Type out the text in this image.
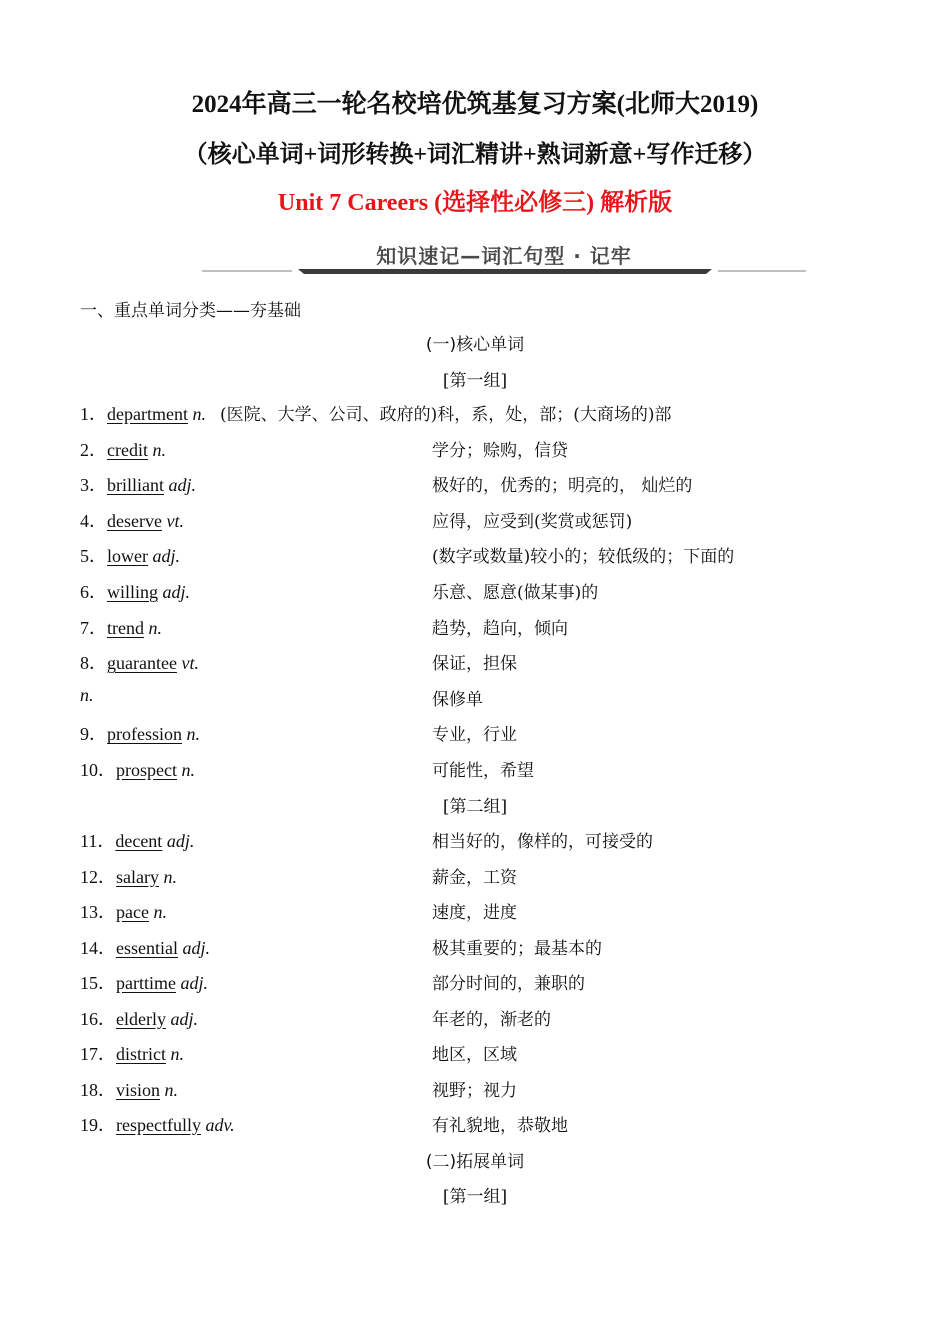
2024年高三一轮名校培优筑基复习方案(北师大2019)
（核心单词+词形转换+词汇精讲+熟词新意+写作迁移）
Unit 7 Careers (选择性必修三) 解析版
知识速记—词汇句型 · 记牢
一、重点单词分类——夯基础
(一)核心单词
[第一组]
1．department n. (医院、大学、公司、政府的)科，系，处，部；(大商场的)部
2．credit n.	学分；赊购，信贷
3．brilliant adj.	极好的，优秀的；明亮的， 灿烂的
4．deserve vt.	应得，应受到(奖赏或惩罚)
5．lower adj.	(数字或数量)较小的；较低级的；下面的
6．willing adj.	乐意、愿意(做某事)的
7．trend n.	趋势，趋向，倾向
8．guarantee vt.	保证，担保
n.	保修单
9．profession n.	专业，行业
10．prospect n.	可能性，希望
[第二组]
11．decent adj.	相当好的，像样的，可接受的
12．salary n.	薪金，工资
13．pace n.	速度，进度
14．essential adj.	极其重要的；最基本的
15．parttime adj.	部分时间的，兼职的
16．elderly adj.	年老的，渐老的
17．district n.	地区，区域
18．vision n.	视野；视力
19．respectfully adv.	有礼貌地，恭敬地
(二)拓展单词
[第一组]
